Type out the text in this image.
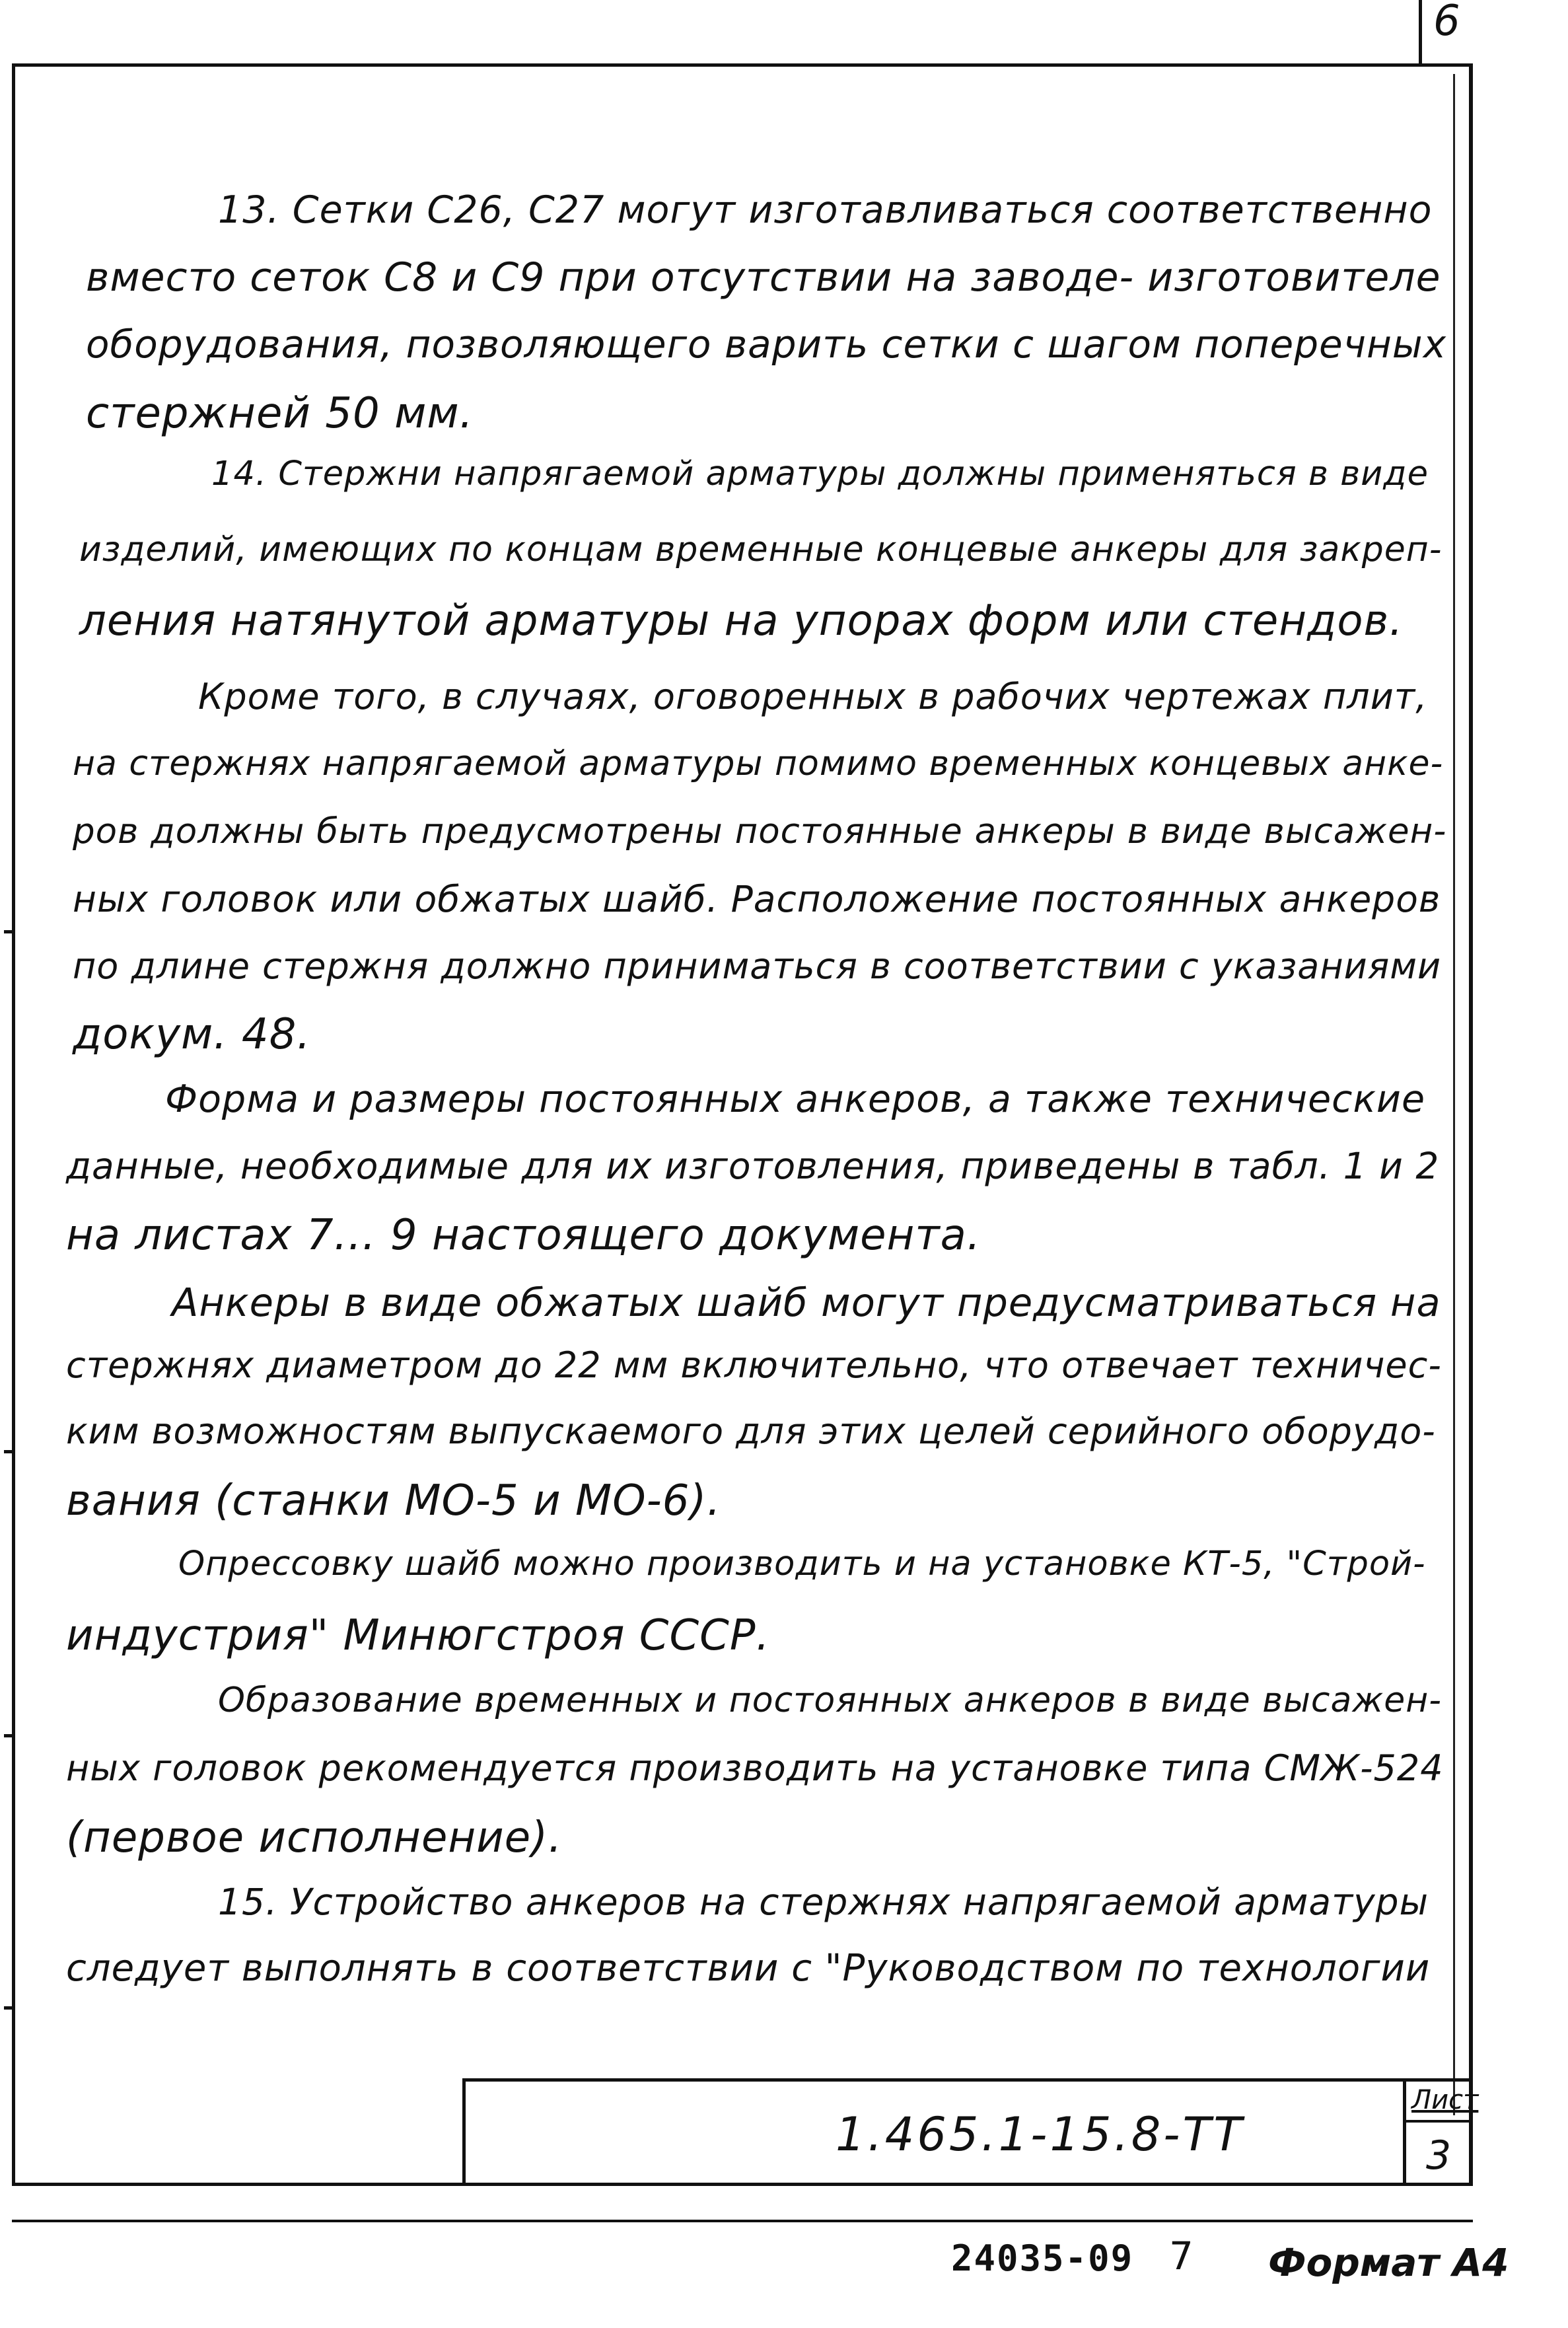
6
13. Сетки С26, С27 могут изготавливаться соответственно
вместо сеток С8 и С9 при отсутствии на заводе- изготовителе
оборудования, позволяющего варить сетки с шагом поперечных
стержней 50 мм.
14. Стержни напрягаемой арматуры должны применяться в виде
изделий, имеющих по концам временные концевые анкеры для закреп-
ления натянутой арматуры на упорах форм или стендов.
Кроме того, в случаях, оговоренных в рабочих чертежах плит,
на стержнях напрягаемой арматуры помимо временных концевых анке-
ров должны быть предусмотрены постоянные анкеры в виде высажен-
ных головок или обжатых шайб. Расположение постоянных анкеров
по длине стержня должно приниматься в соответствии с указаниями
докум. 48.
Форма и размеры постоянных анкеров, а также технические
данные, необходимые для их изготовления, приведены в табл. 1 и 2
на листах 7... 9 настоящего документа.
Анкеры в виде обжатых шайб могут предусматриваться на
стержнях диаметром до 22 мм включительно, что отвечает техничес-
ким возможностям выпускаемого для этих целей серийного оборудо-
вания (станки МО-5 и МО-6).
Опрессовку шайб можно производить и на установке КТ-5, "Строй-
индустрия" Минюгстроя СССР.
Образование временных и постоянных анкеров в виде высажен-
ных головок рекомендуется производить на установке типа СМЖ-524
(первое исполнение).
15. Устройство анкеров на стержнях напрягаемой арматуры
следует выполнять в соответствии с "Руководством по технологии
1.465.1-15.8-ТТ
Лист
3
24035-09 7 Формат А4
